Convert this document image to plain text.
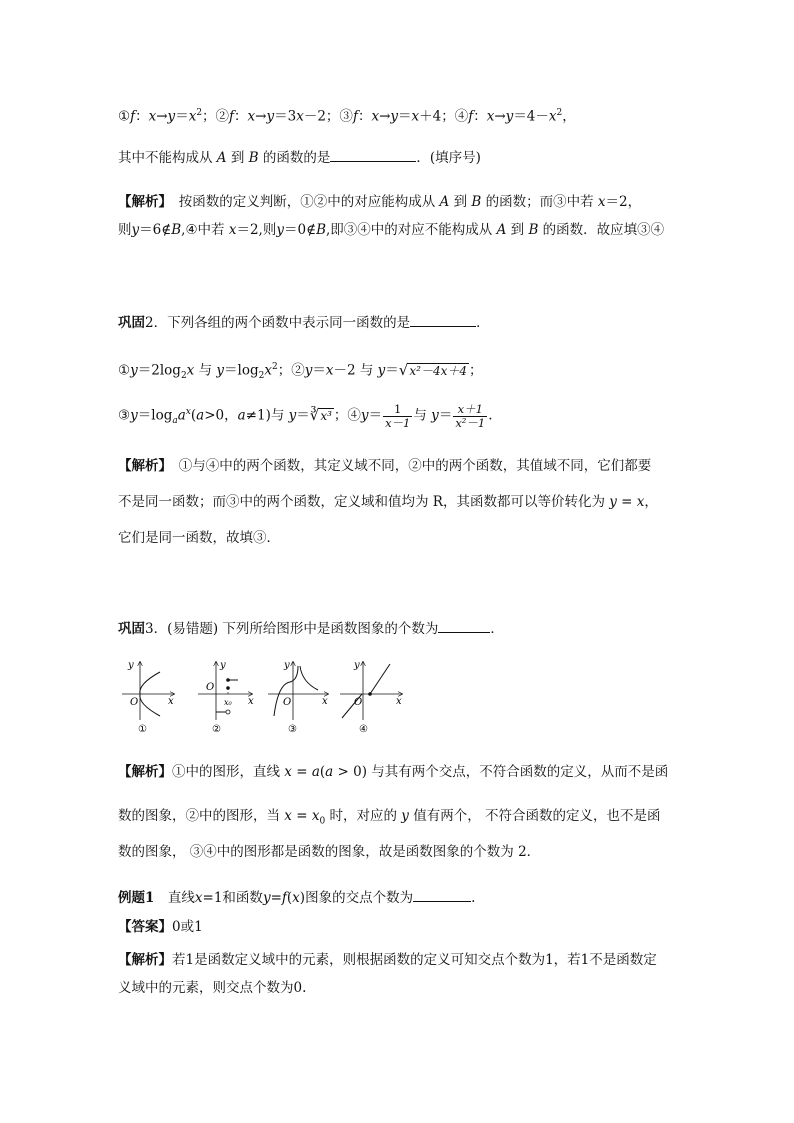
①f：$x\to y=x^2$；②f：x→y＝3x－2；③f：x→y＝x＋4；④f：$x\to y=4-x^2$，
其中不能构成从 A 到 B 的函数的是	．(填序号)
【解析】　按函数的定义判断，①②中的对应能构成从 A 到 B 的函数；而③中若 x＝2，
则y＝6∉B,④中若 x＝2,则y＝0∉B,即③④中的对应不能构成从 A 到 B 的函数．故应填③④
巩固2．下列各组的两个函数中表示同一函数的是	．
$①y=2\log_2x$ 与 $y=\log_2x^2$；②y＝x－2 与 y＝√x²－4x＋4 ；
$③y=\log_aa^x(a>0$，a≠1)与 y＝∛x³ ；④y＝ $\frac{1}{x-1}$ 与 $y= \frac{x+1}{\text{x²－1}}$ .
【解析】　①与④中的两个函数，其定义域不同，②中的两个函数，其值域不同，它们都要
不是同一函数；而③中的两个函数，定义域和值均为 R，其函数都可以等价转化为 y = x，
它们是同一函数，故填③．
巩固3．(易错题) 下列所给图形中是函数图象的个数为	．
y
x
O
①
y
x
O
x₀
②
y
x
O
③
y
x
O
④
【解析】①中的图形，直线 x = a(a > 0) 与其有两个交点，不符合函数的定义，从而不是函
数的图象，②中的图形，当 $x = x_0$ 时，对应的 y 值有两个， 不符合函数的定义，也不是函
数的图象， ③④中的图形都是函数的图象，故是函数图象的个数为 2．
例题1　直线x=1和函数y=f(x)图象的交点个数为	.
【答案】0或1
【解析】若1是函数定义域中的元素，则根据函数的定义可知交点个数为1，若1不是函数定
义域中的元素，则交点个数为0.
